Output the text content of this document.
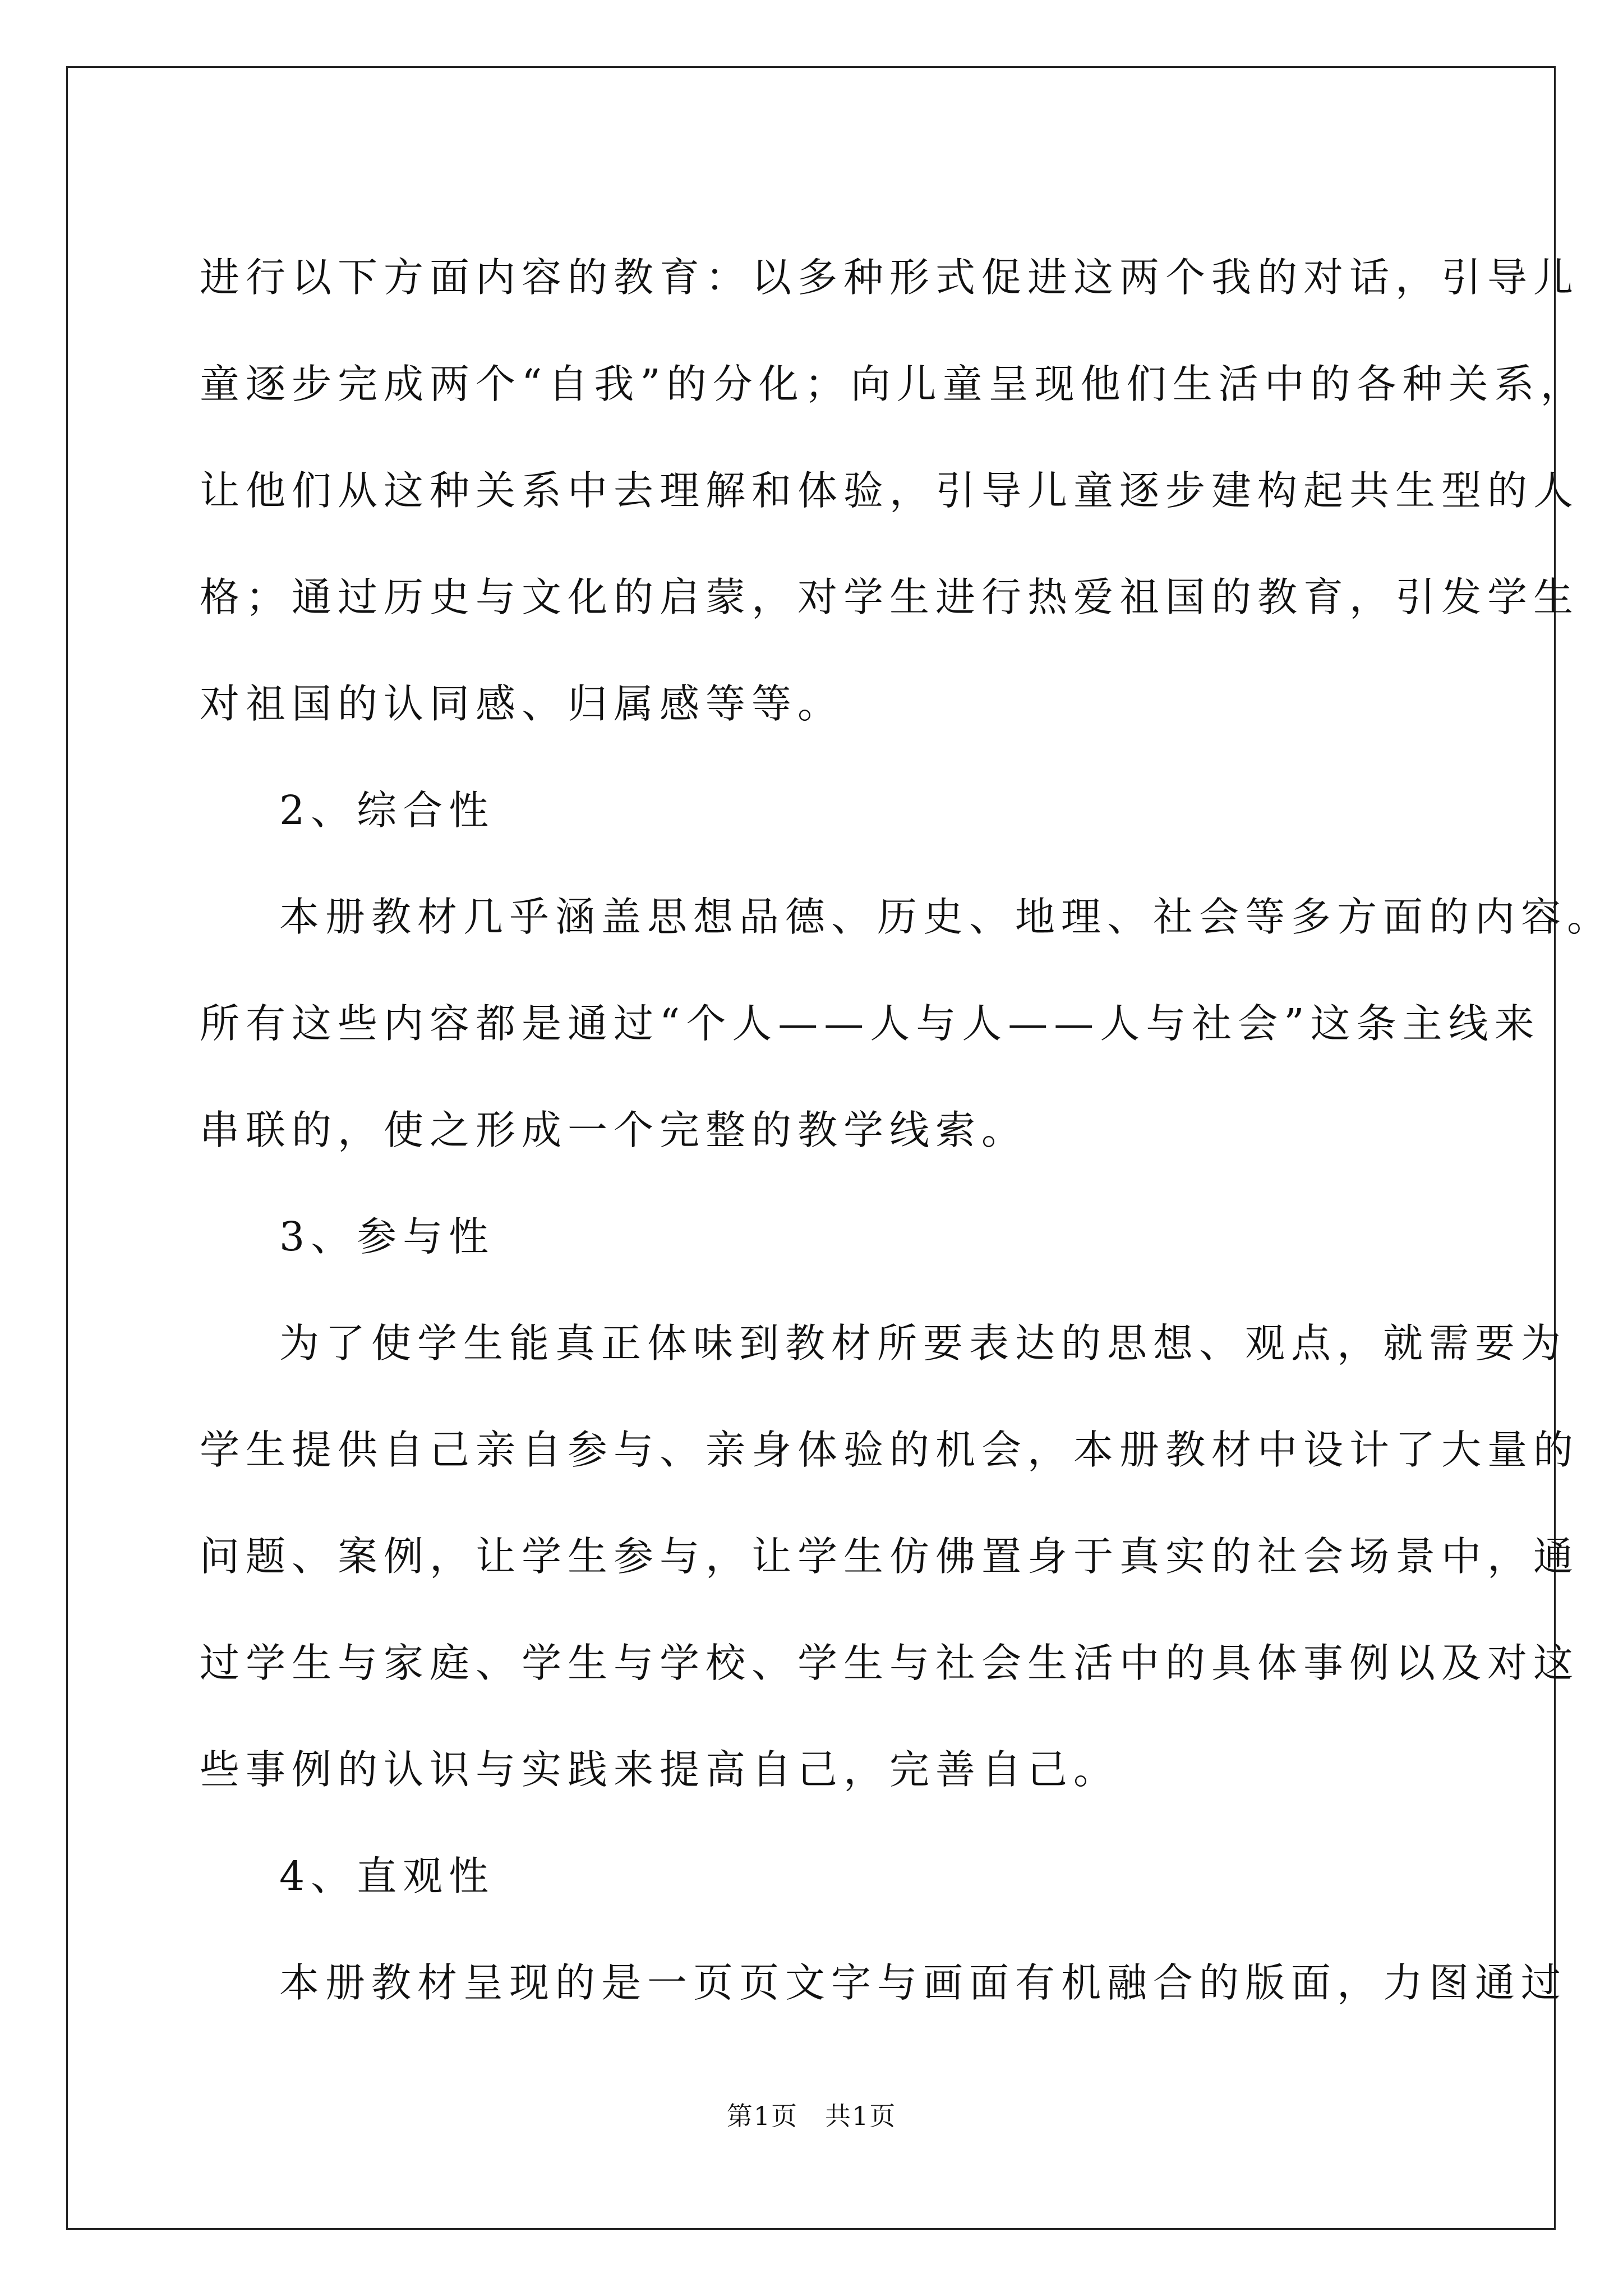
进行以下方面内容的教育：以多种形式促进这两个我的对话，引导儿
童逐步完成两个“自我”的分化；向儿童呈现他们生活中的各种关系，
让他们从这种关系中去理解和体验，引导儿童逐步建构起共生型的人
格；通过历史与文化的启蒙，对学生进行热爱祖国的教育，引发学生
对祖国的认同感、归属感等等。
2、综合性
本册教材几乎涵盖思想品德、历史、地理、社会等多方面的内容。
所有这些内容都是通过“个人——人与人——人与社会”这条主线来
串联的，使之形成一个完整的教学线索。
3、参与性
为了使学生能真正体味到教材所要表达的思想、观点，就需要为
学生提供自己亲自参与、亲身体验的机会，本册教材中设计了大量的
问题、案例，让学生参与，让学生仿佛置身于真实的社会场景中，通
过学生与家庭、学生与学校、学生与社会生活中的具体事例以及对这
些事例的认识与实践来提高自己，完善自己。
4、直观性
本册教材呈现的是一页页文字与画面有机融合的版面，力图通过
第1页　共1页
